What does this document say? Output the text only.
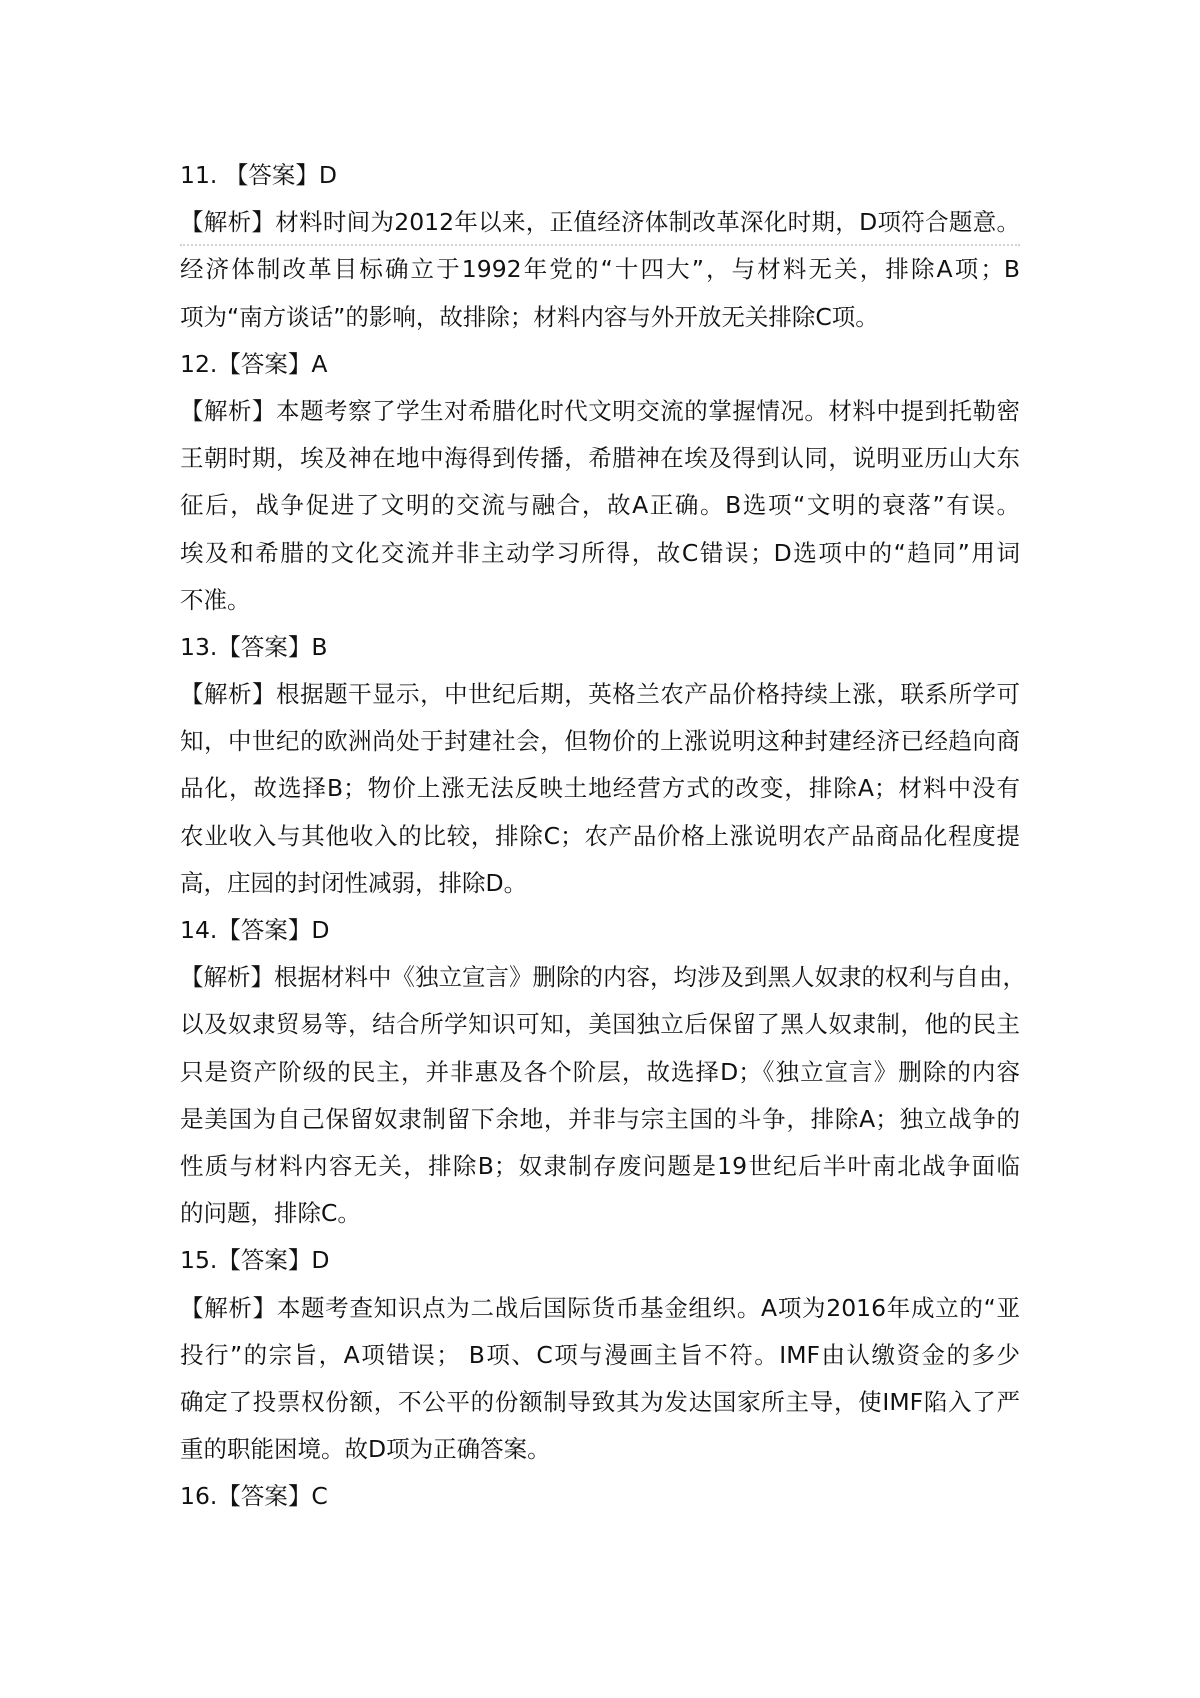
11. 【答案】D
【解析】材料时间为2012年以来，正值经济体制改革深化时期，D项符合题意。
经济体制改革目标确立于1992年党的“十四大”，与材料无关，排除A项；B
项为“南方谈话”的影响，故排除；材料内容与外开放无关排除C项。
12.【答案】A
【解析】本题考察了学生对希腊化时代文明交流的掌握情况。材料中提到托勒密
王朝时期，埃及神在地中海得到传播，希腊神在埃及得到认同，说明亚历山大东
征后，战争促进了文明的交流与融合，故A正确。B选项“文明的衰落”有误。
埃及和希腊的文化交流并非主动学习所得，故C错误；D选项中的“趋同”用词
不准。
13.【答案】B
【解析】根据题干显示，中世纪后期，英格兰农产品价格持续上涨，联系所学可
知，中世纪的欧洲尚处于封建社会，但物价的上涨说明这种封建经济已经趋向商
品化，故选择B；物价上涨无法反映土地经营方式的改变，排除A；材料中没有
农业收入与其他收入的比较，排除C；农产品价格上涨说明农产品商品化程度提
高，庄园的封闭性减弱，排除D。
14.【答案】D
【解析】根据材料中《独立宣言》删除的内容，均涉及到黑人奴隶的权利与自由，
以及奴隶贸易等，结合所学知识可知，美国独立后保留了黑人奴隶制，他的民主
只是资产阶级的民主，并非惠及各个阶层，故选择D；《独立宣言》删除的内容
是美国为自己保留奴隶制留下余地，并非与宗主国的斗争，排除A；独立战争的
性质与材料内容无关，排除B；奴隶制存废问题是19世纪后半叶南北战争面临
的问题，排除C。
15.【答案】D
【解析】本题考查知识点为二战后国际货币基金组织。A项为2016年成立的“亚
投行”的宗旨，A项错误； B项、C项与漫画主旨不符。IMF由认缴资金的多少
确定了投票权份额，不公平的份额制导致其为发达国家所主导，使IMF陷入了严
重的职能困境。故D项为正确答案。
16.【答案】C
